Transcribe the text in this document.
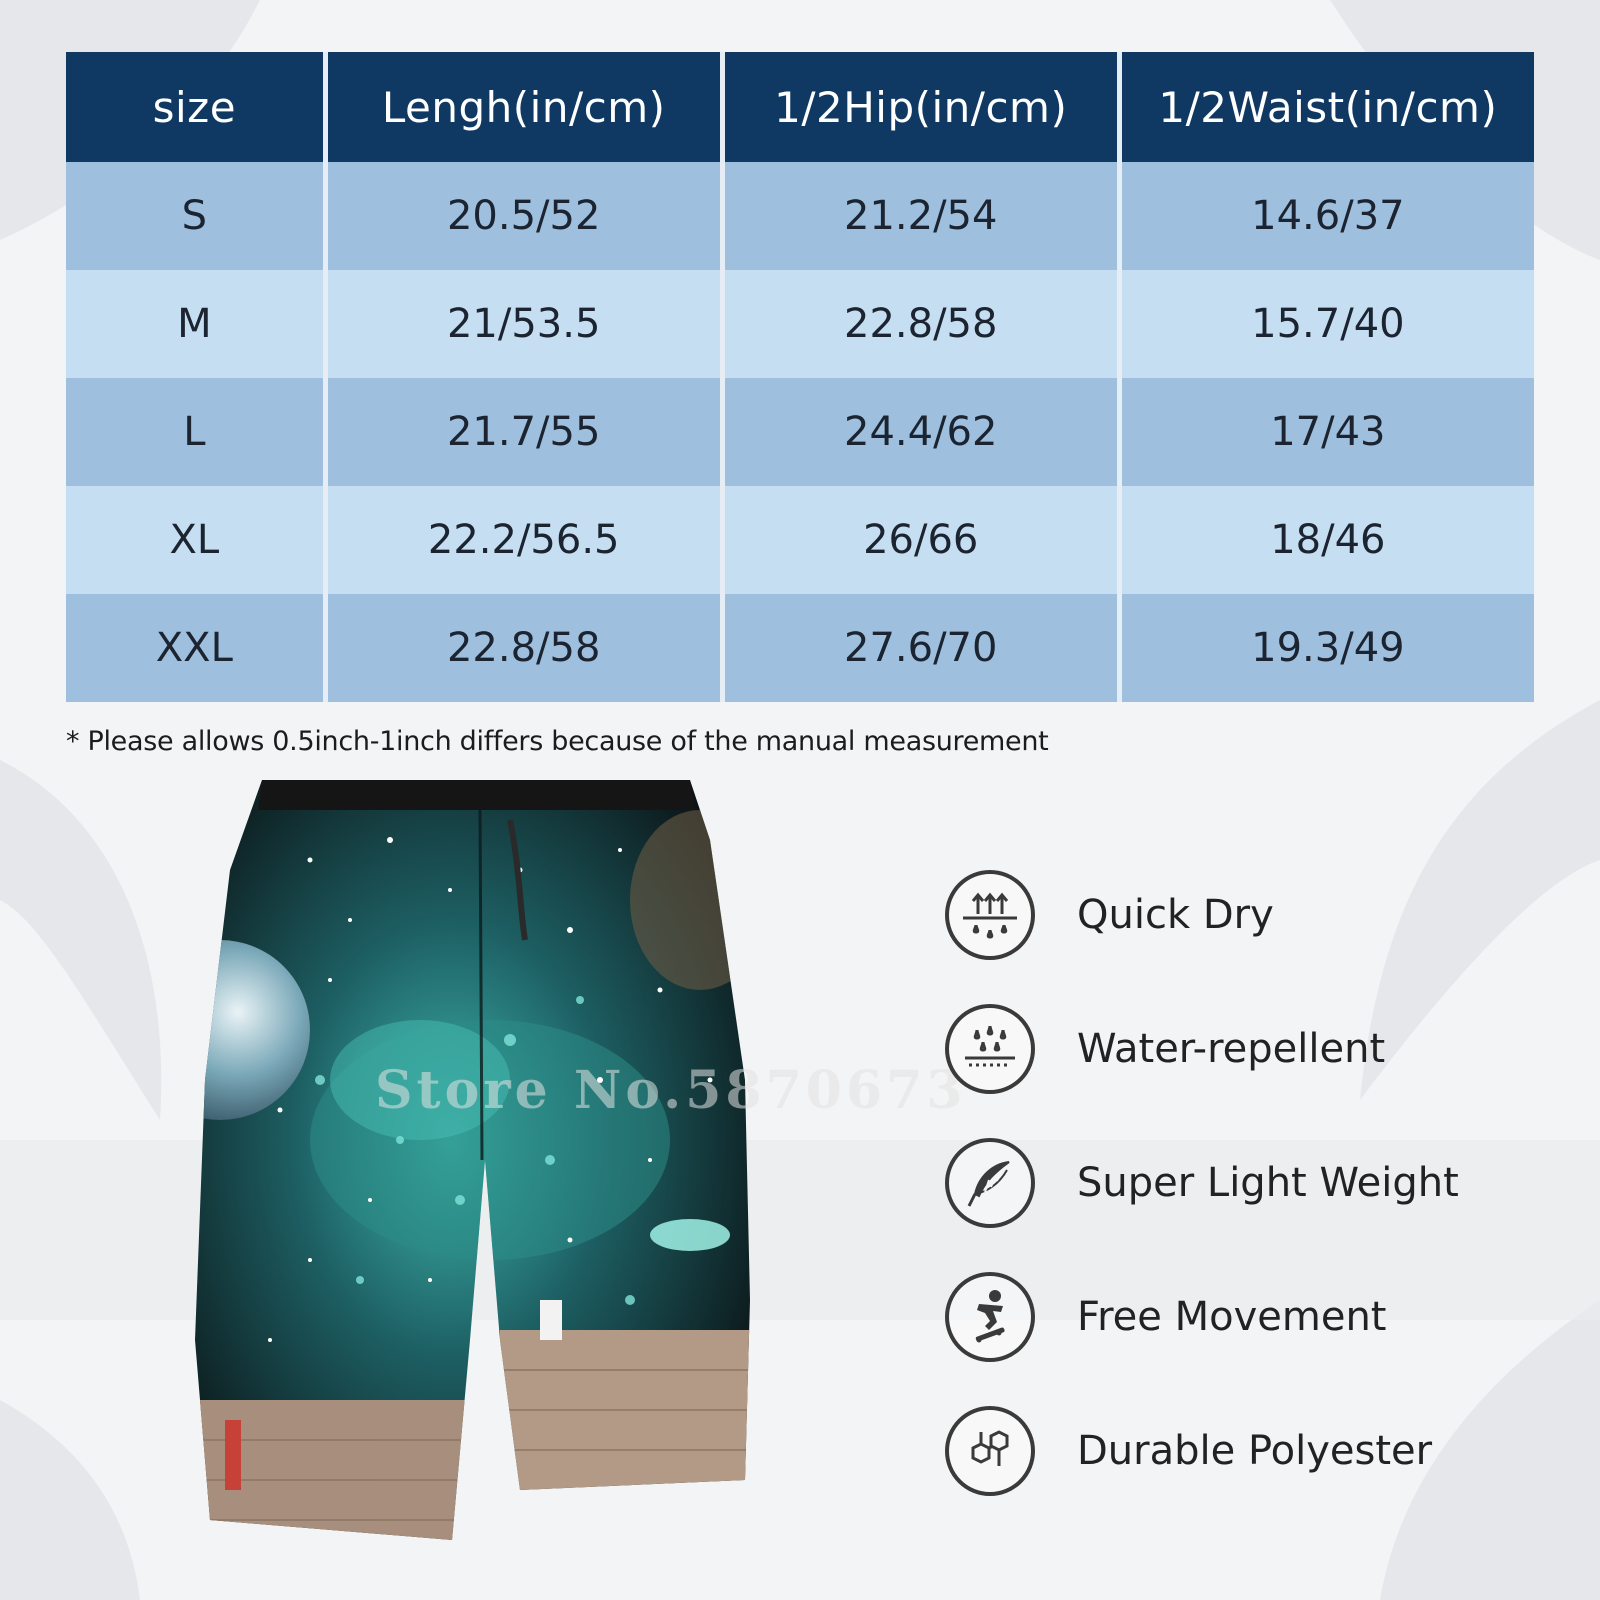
size	Lengh(in/cm)	1/2Hip(in/cm)	1/2Waist(in/cm)
S	20.5/52	21.2/54	14.6/37
M	21/53.5	22.8/58	15.7/40
L	21.7/55	24.4/62	17/43
XL	22.2/56.5	26/66	18/46
XXL	22.8/58	27.6/70	19.3/49
* Please allows 0.5inch-1inch differs because of the manual measurement
Store No.5870673
Quick Dry
Water-repellent
Super Light Weight
Free Movement
Durable Polyester
